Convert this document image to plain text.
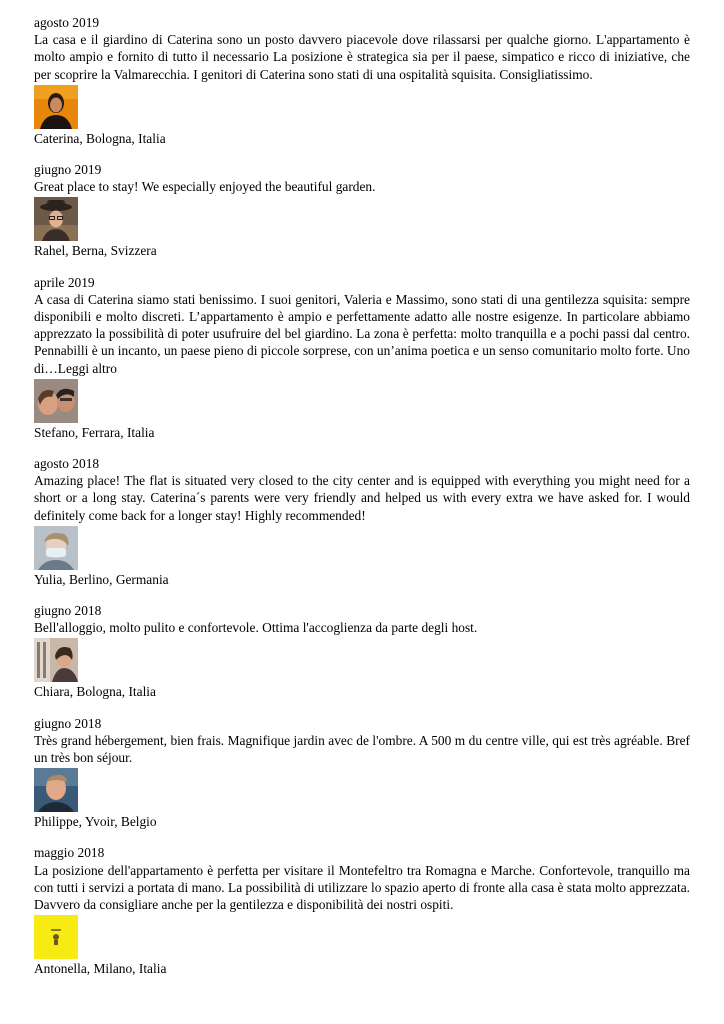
agosto 2019
La casa e il giardino di Caterina sono un posto davvero piacevole dove rilassarsi per qualche giorno. L'appartamento è molto ampio e fornito di tutto il necessario La posizione è strategica sia per il paese, simpatico e ricco di iniziative, che per scoprire la Valmarecchia. I genitori di Caterina sono stati di una ospitalità squisita. Consigliatissimo.
Caterina, Bologna, Italia
giugno 2019
Great place to stay! We especially enjoyed the beautiful garden.
Rahel, Berna, Svizzera
aprile 2019
A casa di Caterina siamo stati benissimo. I suoi genitori, Valeria e Massimo, sono stati di una gentilezza squisita: sempre disponibili e molto discreti. L’appartamento è ampio e perfettamente adatto alle nostre esigenze. In particolare abbiamo apprezzato la possibilità di poter usufruire del bel giardino. La zona è perfetta: molto tranquilla e a pochi passi dal centro. Pennabilli è un incanto, un paese pieno di piccole sorprese, con un’anima poetica e un senso comunitario molto forte. Uno di…Leggi altro
Stefano, Ferrara, Italia
agosto 2018
Amazing place! The flat is situated very closed to the city center and is equipped with everything you might need for a short or a long stay. Caterina´s parents were very friendly and helped us with every extra we have asked for. I would definitely come back for a longer stay! Highly recommended!
Yulia, Berlino, Germania
giugno 2018
Bell'alloggio, molto pulito e confortevole. Ottima l'accoglienza da parte degli host.
Chiara, Bologna, Italia
giugno 2018
Très grand hébergement, bien frais. Magnifique jardin avec de l'ombre. A 500 m du centre ville, qui est très agréable. Bref un très bon séjour.
Philippe, Yvoir, Belgio
maggio 2018
La posizione dell'appartamento è perfetta per visitare il Montefeltro tra Romagna e Marche. Confortevole, tranquillo ma con tutti i servizi a portata di mano. La possibilità di utilizzare lo spazio aperto di fronte alla casa è stata molto apprezzata. Davvero da consigliare anche per la gentilezza e disponibilità dei nostri ospiti.
Antonella, Milano, Italia
